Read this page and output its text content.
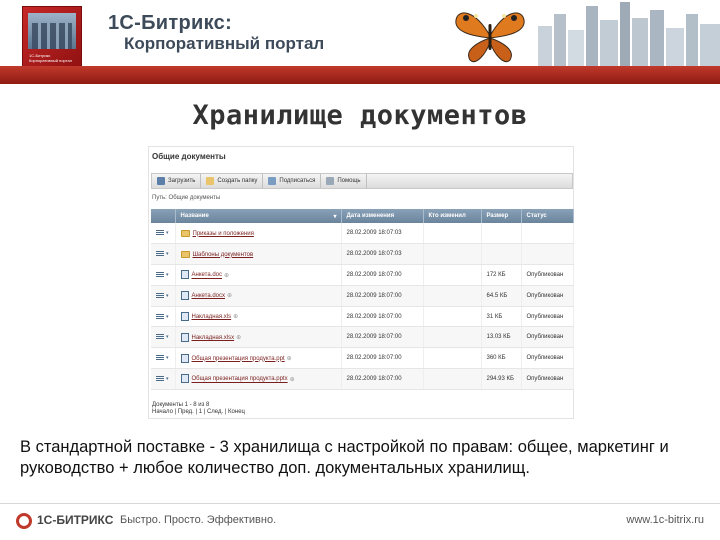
1С-Битрикс Корпоративный портал
1С-Битрикс:
Корпоративный портал
Хранилище документов
Общие документы
Загрузить	Создать папку	Подписаться	Помощь
Путь: Общие документы
	Название ▾	Дата изменения	Кто изменил	Размер	Статус
▾	Приказы и положения	28.02.2009 18:07:03			
▾	Шаблоны документов	28.02.2009 18:07:03			
▾	Анкета.doc ⊕	28.02.2009 18:07:00		172 КБ	Опубликован
▾	Анкета.docx ⊕	28.02.2009 18:07:00		64.5 КБ	Опубликован
▾	Накладная.xls ⊕	28.02.2009 18:07:00		31 КБ	Опубликован
▾	Накладная.xlsx ⊕	28.02.2009 18:07:00		13.03 КБ	Опубликован
▾	Общая презентация продукта.ppt ⊕	28.02.2009 18:07:00		360 КБ	Опубликован
▾	Общая презентация продукта.pptx ⊕	28.02.2009 18:07:00		294.93 КБ	Опубликован
Документы 1 - 8 из 8
Начало | Пред. | 1 | След. | Конец
В стандартной поставке - 3 хранилища с настройкой по правам: общее, маркетинг и руководство + любое количество доп. документальных хранилищ.
1С-БИТРИКС Быстро. Просто. Эффективно.	www.1c-bitrix.ru
